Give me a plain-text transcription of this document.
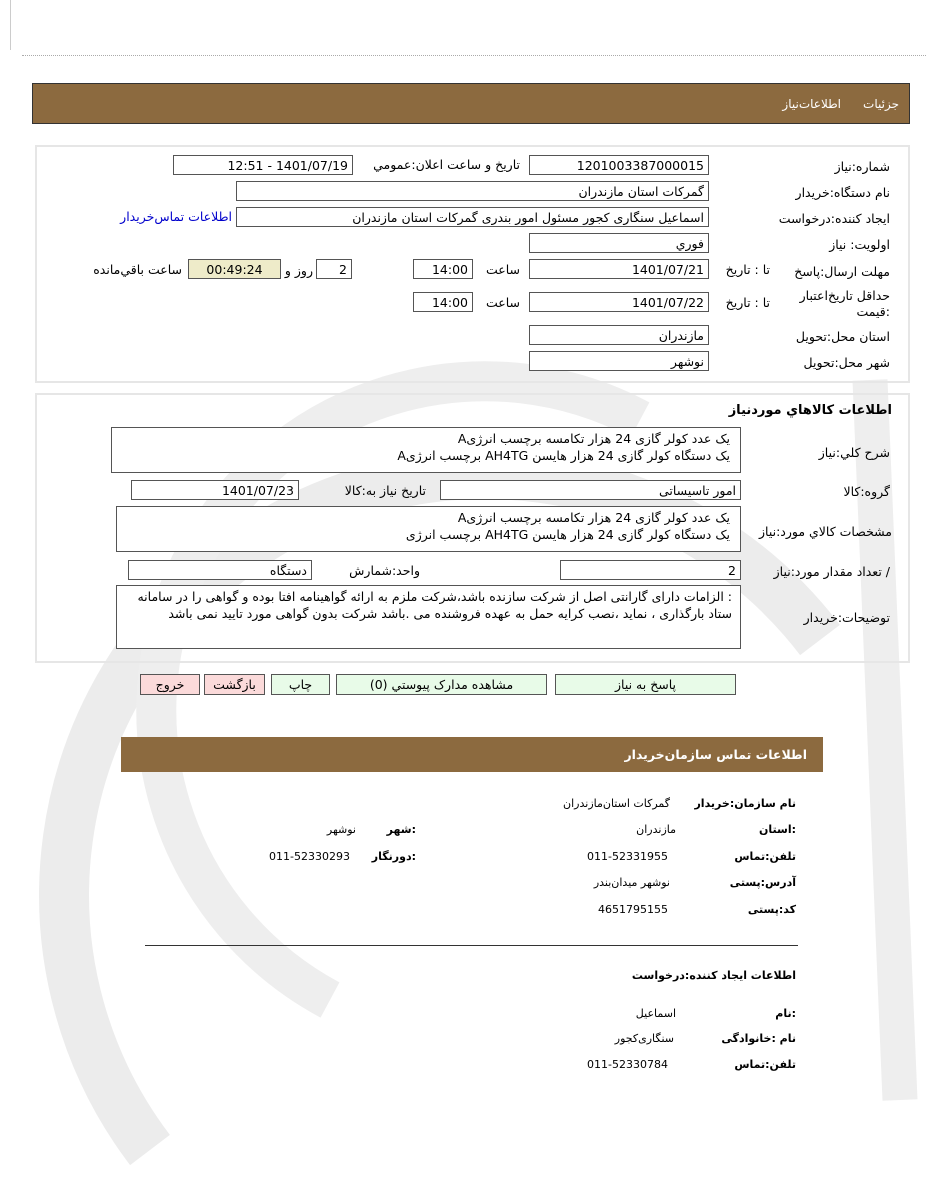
جزئیات
اطلاعات‌نیاز
شماره:نياز
1201003387000015
تاريخ و ساعت اعلان:عمومي
1401/07/19 - 12:51
نام دستگاه:خريدار
گمرکات استان مازندران
ايجاد کننده:درخواست
اسماعیل سنگاری کجور مسئول امور بندری گمرکات استان مازندران
اطلاعات تماس‌خريدار
اولويت: نياز
فوري
مهلت ارسال:پاسخ
تا : تاريخ
1401/07/21
ساعت
14:00
2
روز و
00:49:24
ساعت باقي‌مانده
حداقل تاريخ‌اعتبار :قيمت
تا : تاريخ
1401/07/22
ساعت
14:00
استان محل:تحويل
مازندران
شهر محل:تحويل
نوشهر
اطلاعات کالاهاي موردنياز
شرح کلي:نياز
یک عدد کولر گازی 24 هزار تکامسه برچسب انرژیA
یک دستگاه کولر گازی 24 هزار هایسن AH4TG برچسب انرژیA
گروه:کالا
امور تاسیساتی
تاريخ نياز به:کالا
1401/07/23
مشخصات کالاي مورد:نياز
یک عدد کولر گازی 24 هزار تکامسه برچسب انرژیA
یک دستگاه کولر گازی 24 هزار هایسن AH4TG برچسب انرژی
/ تعداد مقدار مورد:نياز
2
واحد:شمارش
دستگاه
توضيحات:خريدار
: الزامات دارای گارانتی اصل از شرکت سازنده باشد،شرکت ملزم به ارائه گواهینامه افتا بوده و گواهی را در سامانه ستاد بارگذاری ، نماید ،نصب کرایه حمل به عهده فروشنده می .باشد شرکت بدون گواهی مورد تایید نمی باشد
پاسخ به نياز
مشاهده مدارک پيوستي (0)
چاپ
بازگشت
خروج
اطلاعات تماس سازمان‌خريدار
نام سازمان:خریدار
گمرکات استان‌مازندران
:استان
مازندران
:شهر
نوشهر
تلفن:تماس
011-52331955
:دورنگار
011-52330293
آدرس:پستی
نوشهر میدان‌بندر
کد:پستی
4651795155
اطلاعات ایجاد کننده:درخواست
:نام
اسماعیل
نام :خانوادگی
سنگاری‌کجور
تلفن:تماس
011-52330784
